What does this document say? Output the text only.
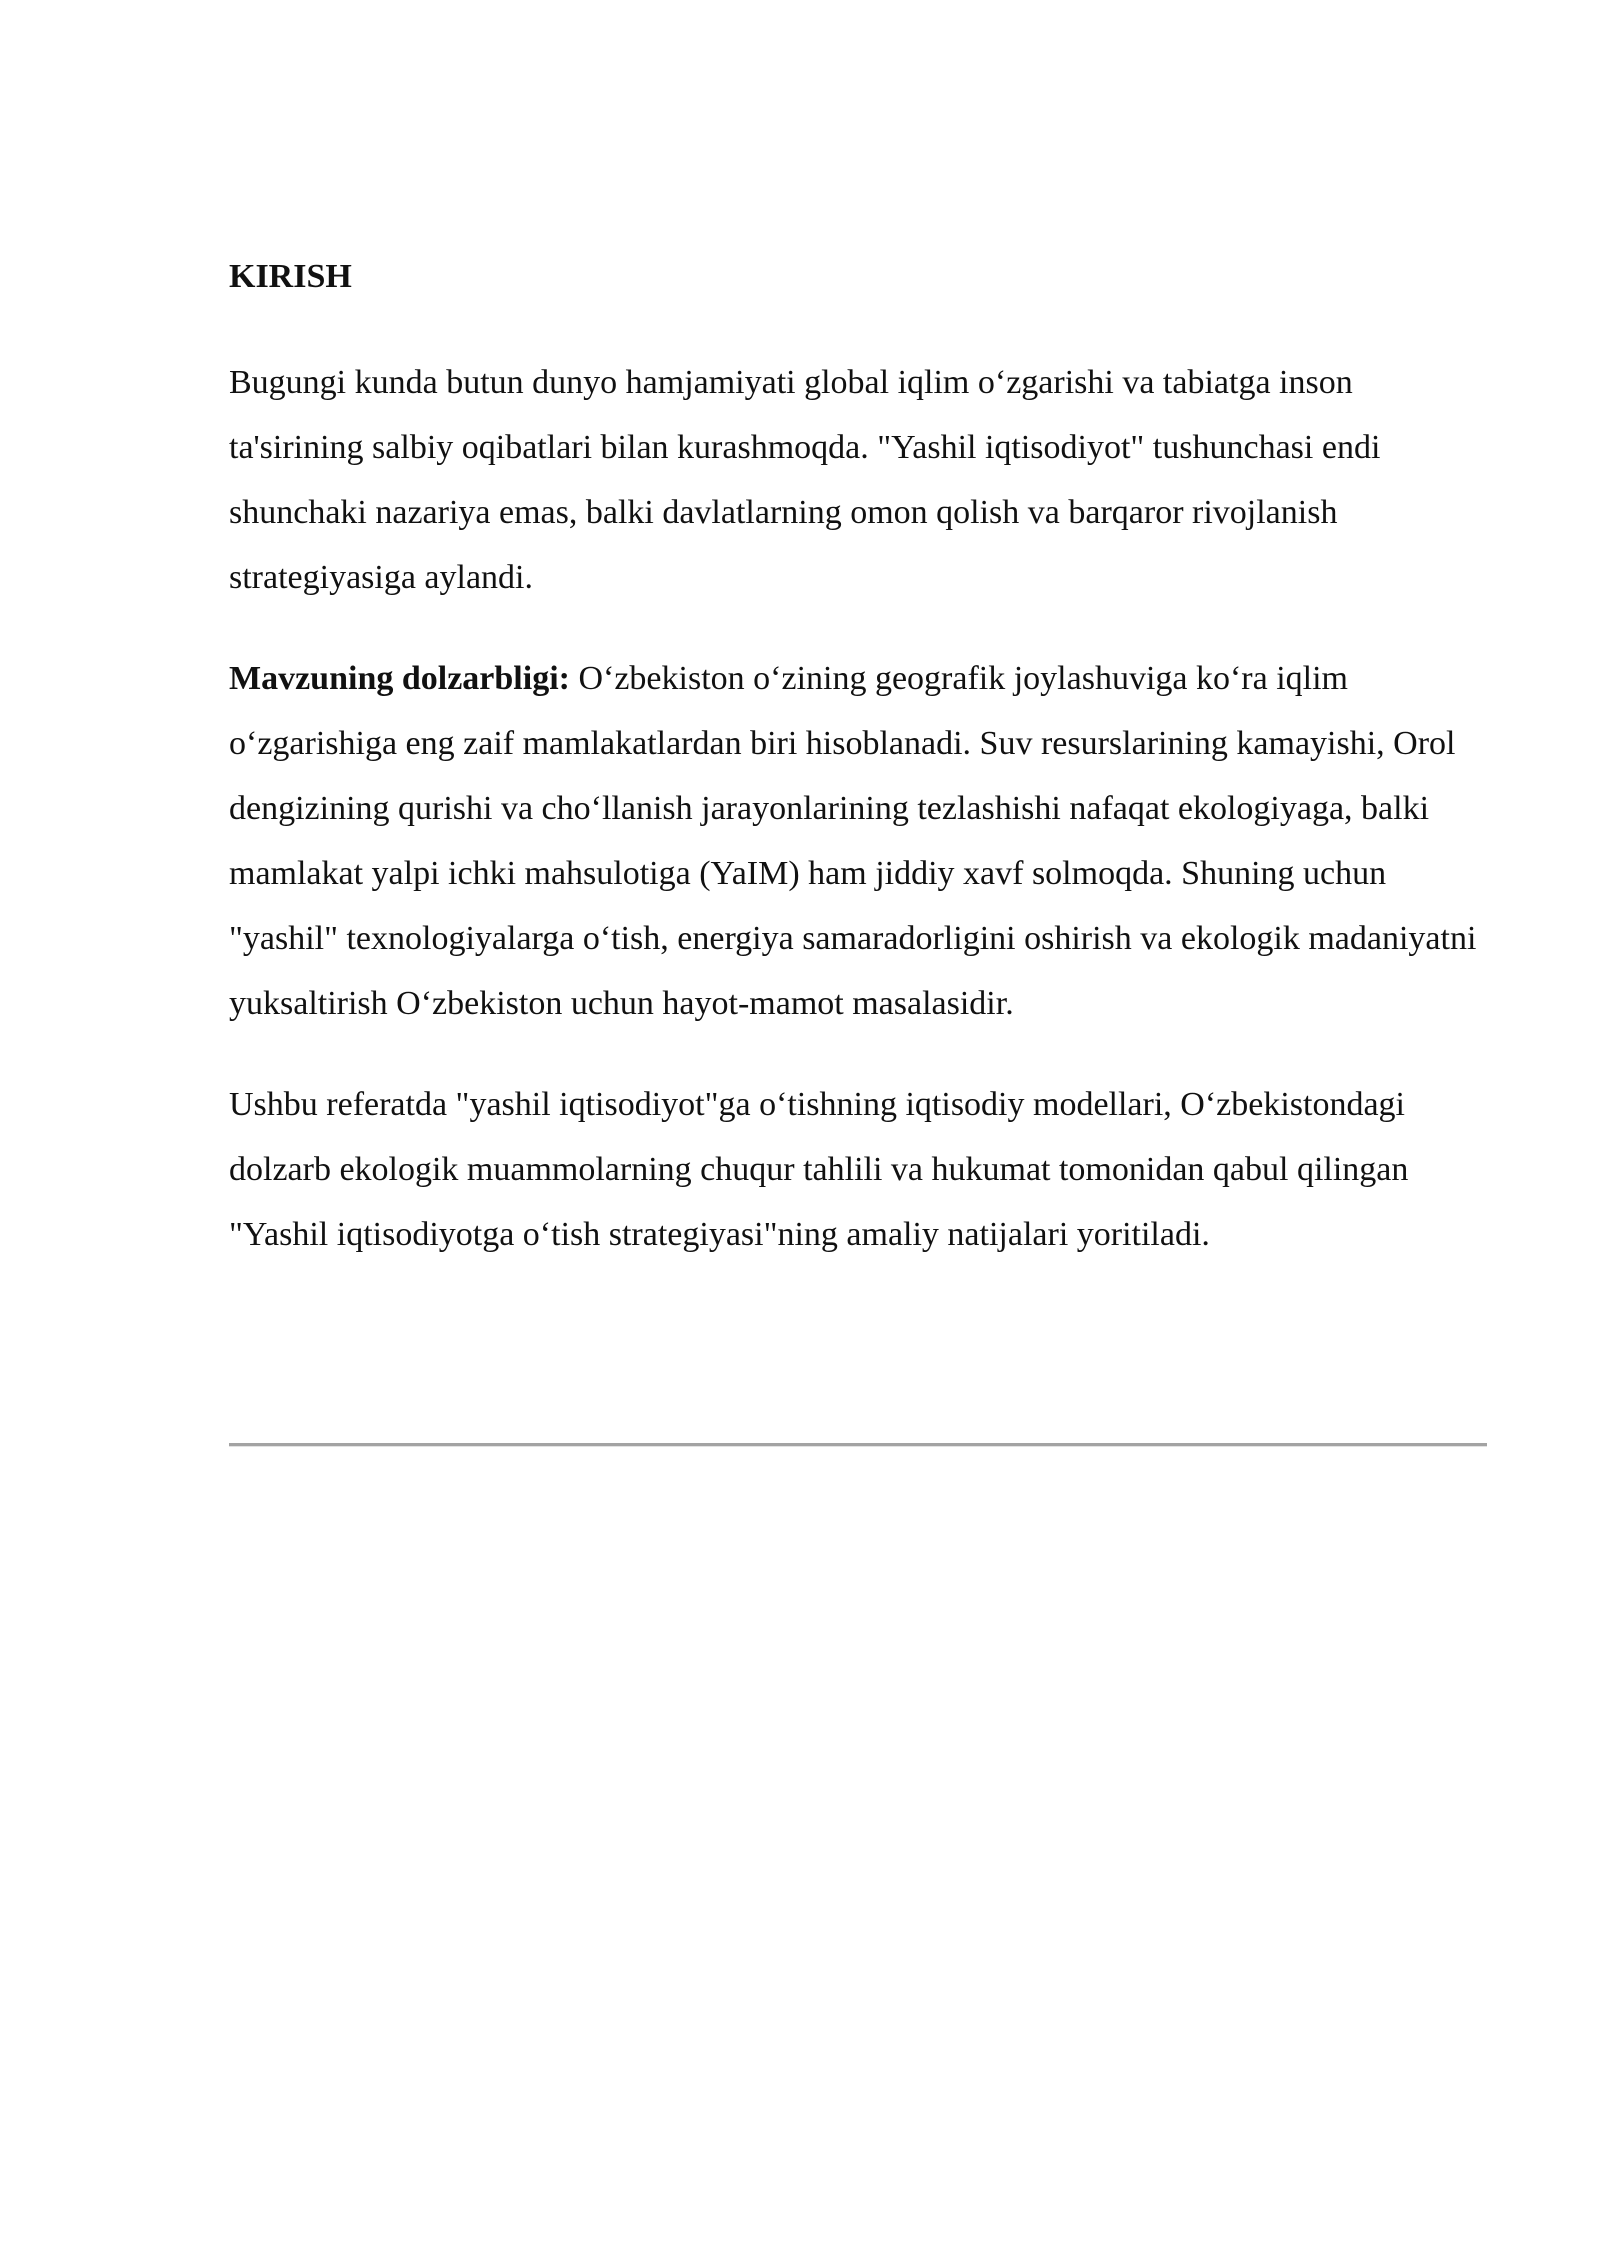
KIRISH

Bugungi kunda butun dunyo hamjamiyati global iqlim o‘zgarishi va tabiatga inson ta'sirining salbiy oqibatlari bilan kurashmoqda. "Yashil iqtisodiyot" tushunchasi endi shunchaki nazariya emas, balki davlatlarning omon qolish va barqaror rivojlanish strategiyasiga aylandi.

Mavzuning dolzarbligi: O‘zbekiston o‘zining geografik joylashuviga ko‘ra iqlim o‘zgarishiga eng zaif mamlakatlardan biri hisoblanadi. Suv resurslarining kamayishi, Orol dengizining qurishi va cho‘llanish jarayonlarining tezlashishi nafaqat ekologiyaga, balki mamlakat yalpi ichki mahsulotiga (YaIM) ham jiddiy xavf solmoqda. Shuning uchun "yashil" texnologiyalarga o‘tish, energiya samaradorligini oshirish va ekologik madaniyatni yuksaltirish O‘zbekiston uchun hayot-mamot masalasidir.

Ushbu referatda "yashil iqtisodiyot"ga o‘tishning iqtisodiy modellari, O‘zbekistondagi dolzarb ekologik muammolarning chuqur tahlili va hukumat tomonidan qabul qilingan "Yashil iqtisodiyotga o‘tish strategiyasi"ning amaliy natijalari yoritiladi.
